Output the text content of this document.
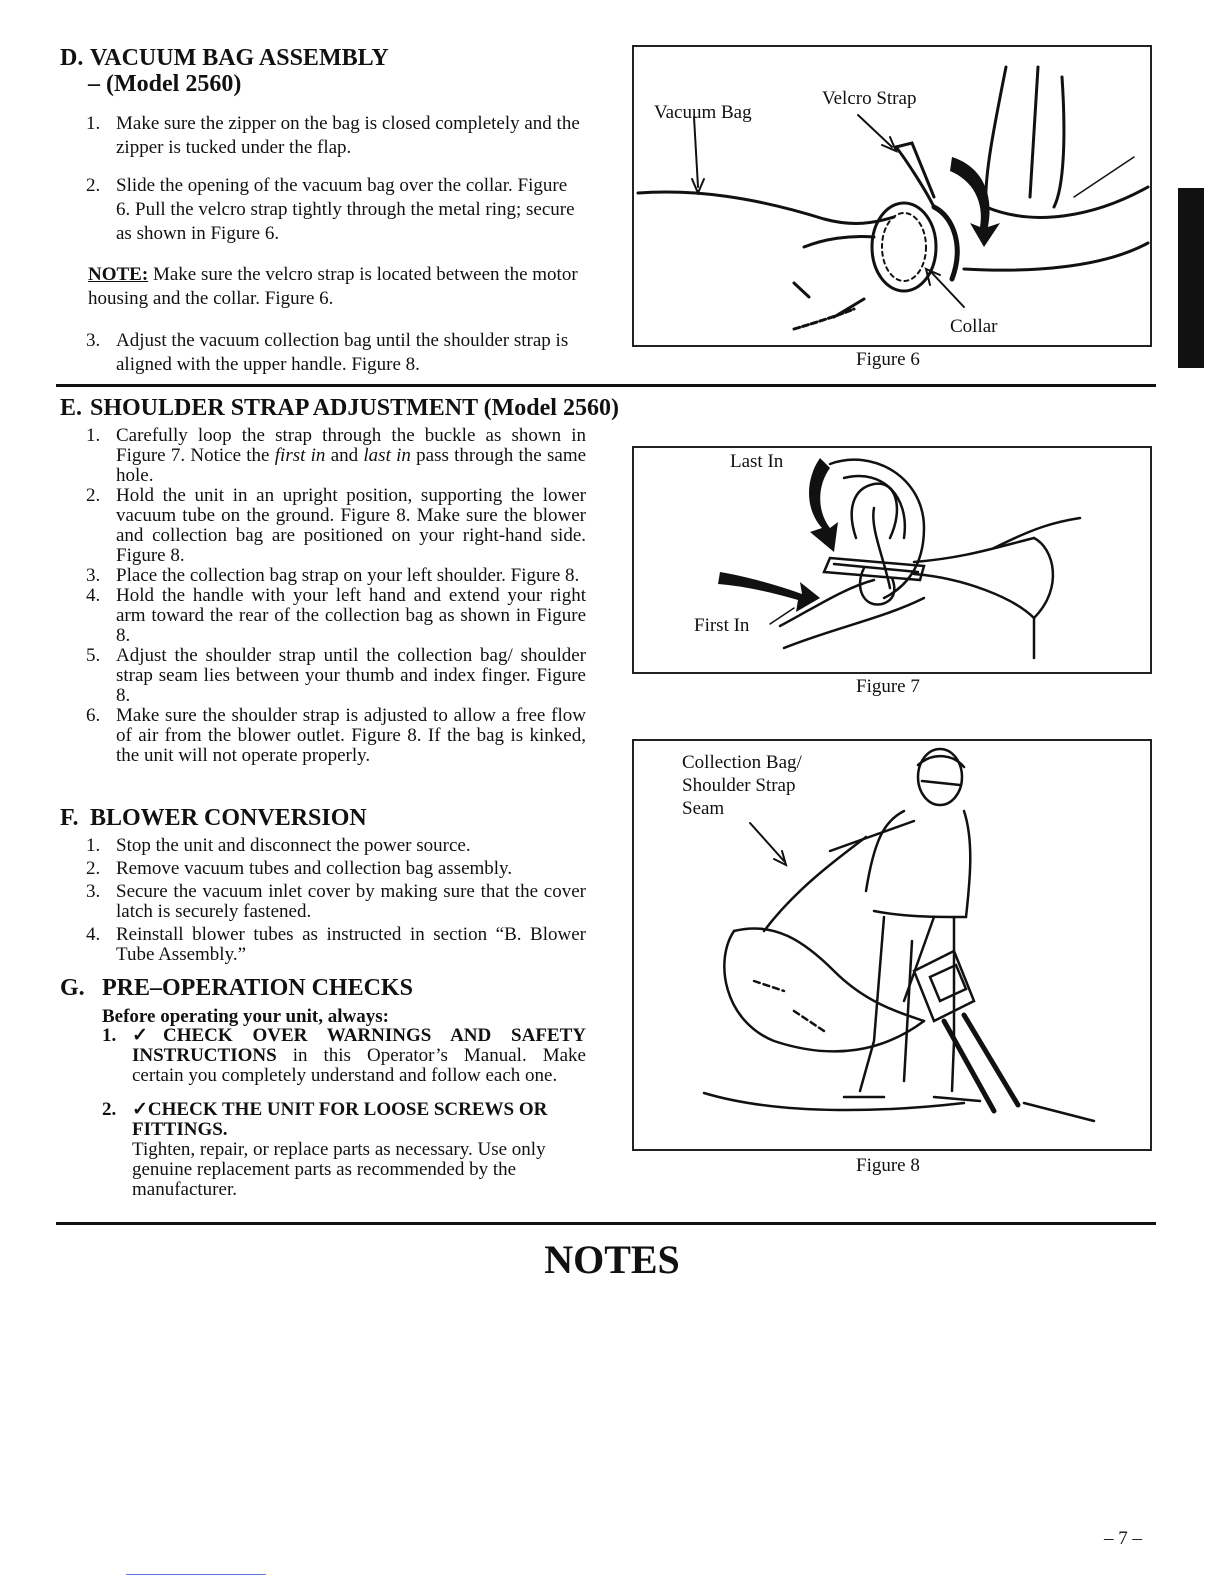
D. VACUUM BAG ASSEMBLY
– (Model 2560)
1. Make sure the zipper on the bag is closed completely and the zipper is tucked under the flap.
2. Slide the opening of the vacuum bag over the collar. Figure 6. Pull the velcro strap tightly through the metal ring; secure as shown in Figure 6.
NOTE: Make sure the velcro strap is located between the motor housing and the collar. Figure 6.
3. Adjust the vacuum collection bag until the shoulder strap is aligned with the upper handle. Figure 8.
E. SHOULDER STRAP ADJUSTMENT (Model 2560)
1. Carefully loop the strap through the buckle as shown in Figure 7. Notice the first in and last in pass through the same hole.
2. Hold the unit in an upright position, supporting the lower vacuum tube on the ground. Figure 8. Make sure the blower and collection bag are positioned on your right-hand side. Figure 8.
3. Place the collection bag strap on your left shoulder. Figure 8.
4. Hold the handle with your left hand and extend your right arm toward the rear of the collection bag as shown in Figure 8.
5. Adjust the shoulder strap until the collection bag/ shoulder strap seam lies between your thumb and index finger. Figure 8.
6. Make sure the shoulder strap is adjusted to allow a free flow of air from the blower outlet. Figure 8. If the bag is kinked, the unit will not operate properly.
F. BLOWER CONVERSION
1. Stop the unit and disconnect the power source.
2. Remove vacuum tubes and collection bag assembly.
3. Secure the vacuum inlet cover by making sure that the cover latch is securely fastened.
4. Reinstall blower tubes as instructed in section “B. Blower Tube Assembly.”
G. PRE–OPERATION CHECKS
Before operating your unit, always:
1. ✓CHECK OVER WARNINGS AND SAFETY INSTRUCTIONS in this Operator’s Manual. Make certain you completely understand and follow each one.
2. ✓CHECK THE UNIT FOR LOOSE SCREWS OR FITTINGS.
Tighten, repair, or replace parts as necessary. Use only genuine replacement parts as recommended by the manufacturer.
NOTES
– 7 –
Vacuum Bag
Velcro Strap
Collar
Figure 6
Last In
First In
Figure 7
Collection Bag/
Shoulder Strap
Seam
Figure 8
